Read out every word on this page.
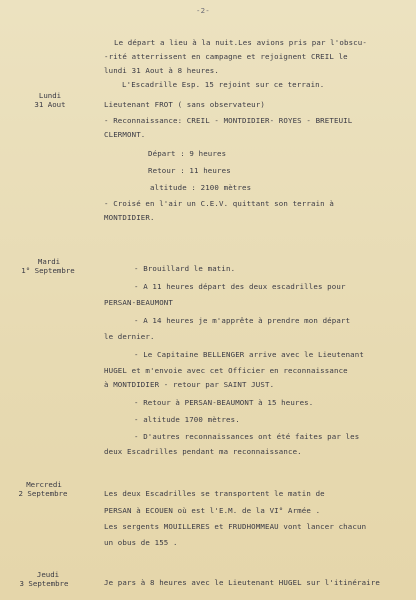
-2-
Le départ a lieu à la nuit.Les avions pris par l'obscu-
-rité atterrissent en campagne et rejoignent CREIL le
lundi 31 Aout à 8 heures.
L'Escadrille Esp. 15 rejoint sur ce terrain.
Lundi
31 Aout	Lieutenant FROT ( sans observateur)
- Reconnaissance: CREIL - MONTDIDIER- ROYES - BRETEUIL
CLERMONT.
Départ : 9 heures
Retour : 11 heures
altitude : 2100 mètres
- Croisé en l'air un C.E.V. quittant son terrain à
MONTDIDIER.
Mardi
1° Septembre	- Brouillard le matin.
- A 11 heures départ des deux escadrilles pour
PERSAN-BEAUMONT
- A 14 heures je m'apprête à prendre mon départ
le dernier.
- Le Capitaine BELLENGER arrive avec le Lieutenant
HUGEL et m'envoie avec cet Officier en reconnaissance
à MONTDIDIER - retour par SAINT JUST.
- Retour à PERSAN-BEAUMONT à 15 heures.
- altitude 1700 mètres.
- D'autres reconnaissances ont été faites par les
deux Escadrilles pendant ma reconnaissance.
Mercredi
2 Septembre	Les deux Escadrilles se transportent le matin de
PERSAN à ECOUEN où est l'E.M. de la VI° Armée .
Les sergents MOUILLERES et FRUDHOMMEAU vont lancer chacun
un obus de 155 .
Jeudi
3 Septembre	Je pars à 8 heures avec le Lieutenant HUGEL sur l'itinéraire
